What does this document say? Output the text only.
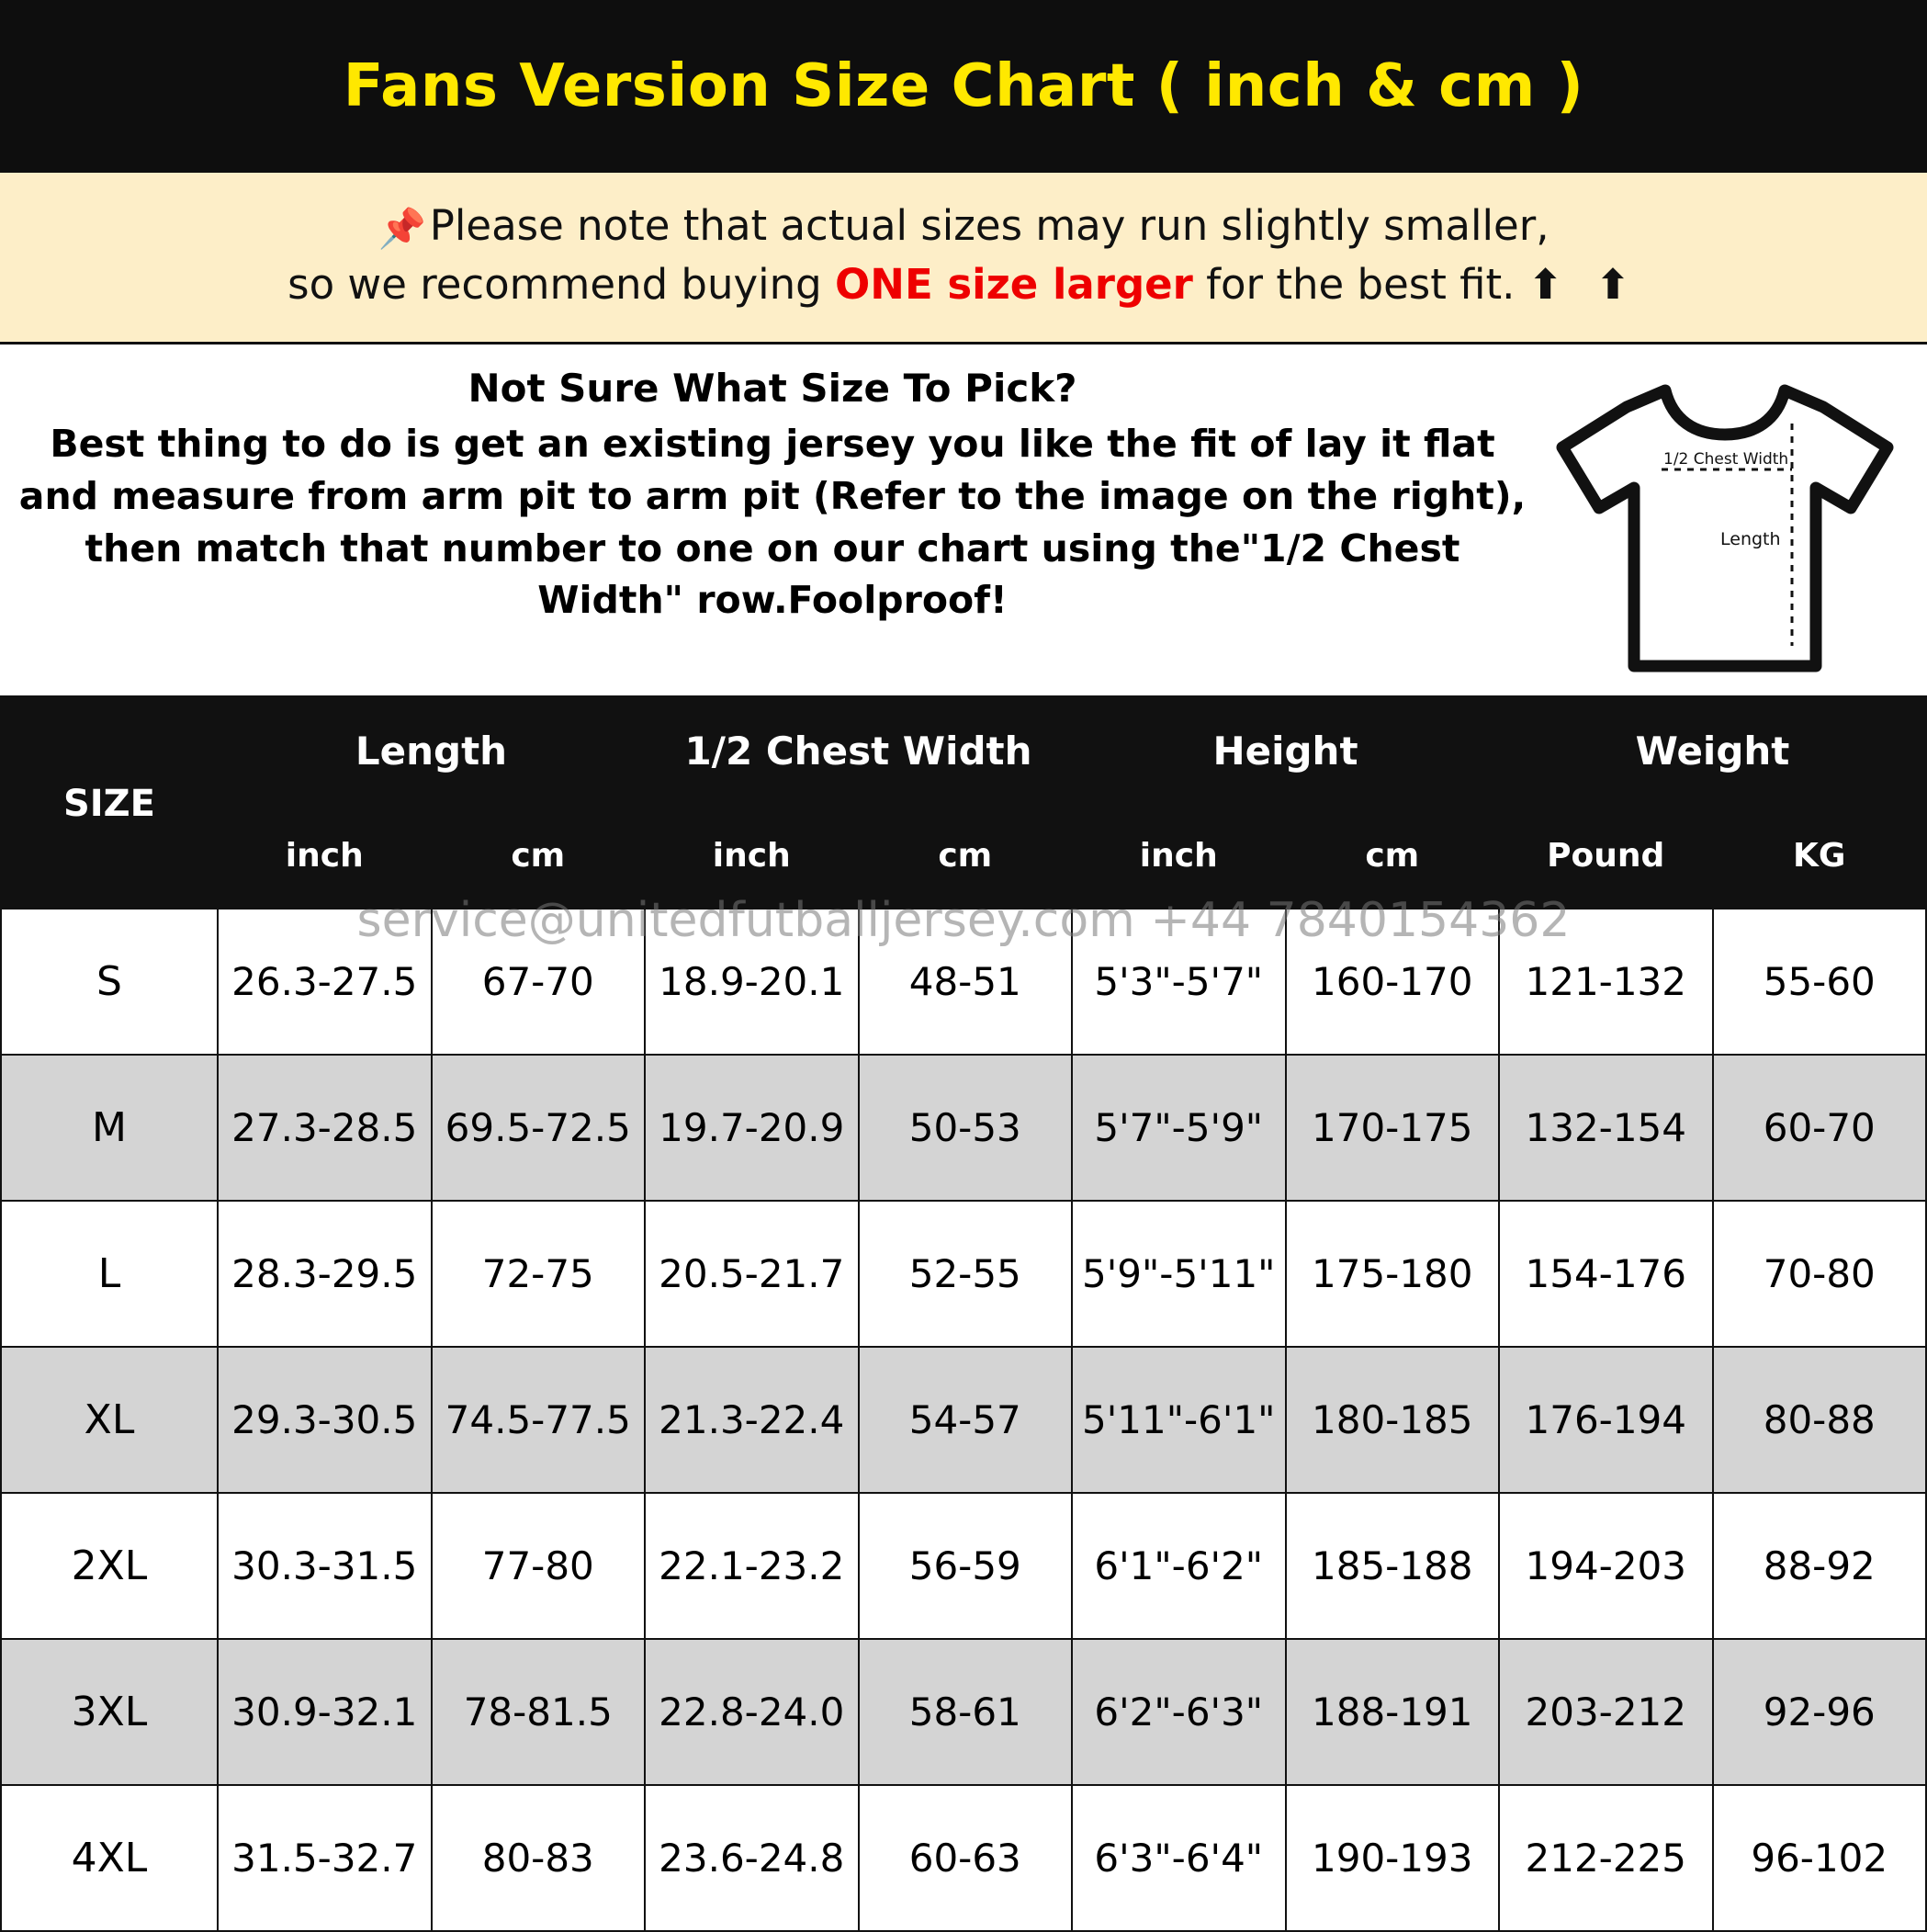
Fans Version Size Chart ( inch & cm )
📌Please note that actual sizes may run slightly smaller,
so we recommend buying ONE size larger for the best fit. ⬆ ⬆
Not Sure What Size To Pick?
Best thing to do is get an existing jersey you like the fit of lay it flat
and measure from arm pit to arm pit (Refer to the image on the right),
then match that number to one on our chart using the"1/2 Chest
Width" row.Foolproof!
1/2 Chest Width
Length
service@unitedfutballjersey.com +44 7840154362
SIZE	Length		1/2 Chest Width		Height		Weight	
	inch	cm	inch	cm	inch	cm	Pound	KG
S	26.3-27.5	67-70	18.9-20.1	48-51	5'3"-5'7"	160-170	121-132	55-60
M	27.3-28.5	69.5-72.5	19.7-20.9	50-53	5'7"-5'9"	170-175	132-154	60-70
L	28.3-29.5	72-75	20.5-21.7	52-55	5'9"-5'11"	175-180	154-176	70-80
XL	29.3-30.5	74.5-77.5	21.3-22.4	54-57	5'11"-6'1"	180-185	176-194	80-88
2XL	30.3-31.5	77-80	22.1-23.2	56-59	6'1"-6'2"	185-188	194-203	88-92
3XL	30.9-32.1	78-81.5	22.8-24.0	58-61	6'2"-6'3"	188-191	203-212	92-96
4XL	31.5-32.7	80-83	23.6-24.8	60-63	6'3"-6'4"	190-193	212-225	96-102
